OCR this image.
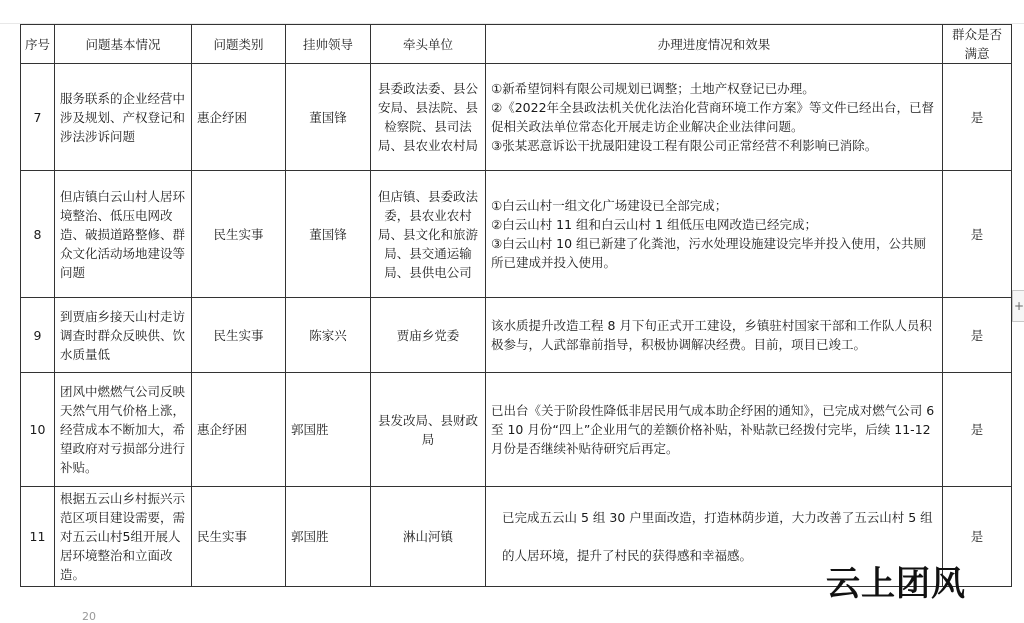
序号	问题基本情况	问题类别	挂帅领导	牵头单位	办理进度情况和效果	群众是否满意
7	服务联系的企业经营中涉及规划、产权登记和涉法涉诉问题	惠企纾困	董国锋	县委政法委、县公安局、县法院、县检察院、县司法局、县农业农村局	①新希望饲料有限公司规划已调整；土地产权登记已办理。
②《2022年全县政法机关优化法治化营商环境工作方案》等文件已经出台，已督促相关政法单位常态化开展走访企业解决企业法律问题。
③张某恶意诉讼干扰晟阳建设工程有限公司正常经营不利影响已消除。	是
8	但店镇白云山村人居环境整治、低压电网改造、破损道路整修、群众文化活动场地建设等问题	民生实事	董国锋	但店镇、县委政法委，县农业农村局、县文化和旅游局、县交通运输局、县供电公司	①白云山村一组文化广场建设已全部完成；
②白云山村 11 组和白云山村 1 组低压电网改造已经完成；
③白云山村 10 组已新建了化粪池，污水处理设施建设完毕并投入使用，公共厕所已建成并投入使用。	是
9	到贾庙乡接天山村走访调查时群众反映供、饮水质量低	民生实事	陈家兴	贾庙乡党委	该水质提升改造工程 8 月下旬正式开工建设，乡镇驻村国家干部和工作队人员积极参与，人武部靠前指导，积极协调解决经费。目前，项目已竣工。	是
10	团风中燃燃气公司反映天然气用气价格上涨，经营成本不断加大，希望政府对亏损部分进行补贴。	惠企纾困	郭国胜	县发改局、县财政局	已出台《关于阶段性降低非居民用气成本助企纾困的通知》，已完成对燃气公司 6 至 10 月份“四上”企业用气的差额价格补贴，补贴款已经拨付完毕，后续 11-12 月份是否继续补贴待研究后再定。	是
11	根据五云山乡村振兴示范区项目建设需要，需对五云山村5组开展人居环境整治和立面改造。	民生实事	郭国胜	淋山河镇	已完成五云山 5 组 30 户里面改造，打造林荫步道，大力改善了五云山村 5 组的人居环境，提升了村民的获得感和幸福感。	是
+
20
云上团风
